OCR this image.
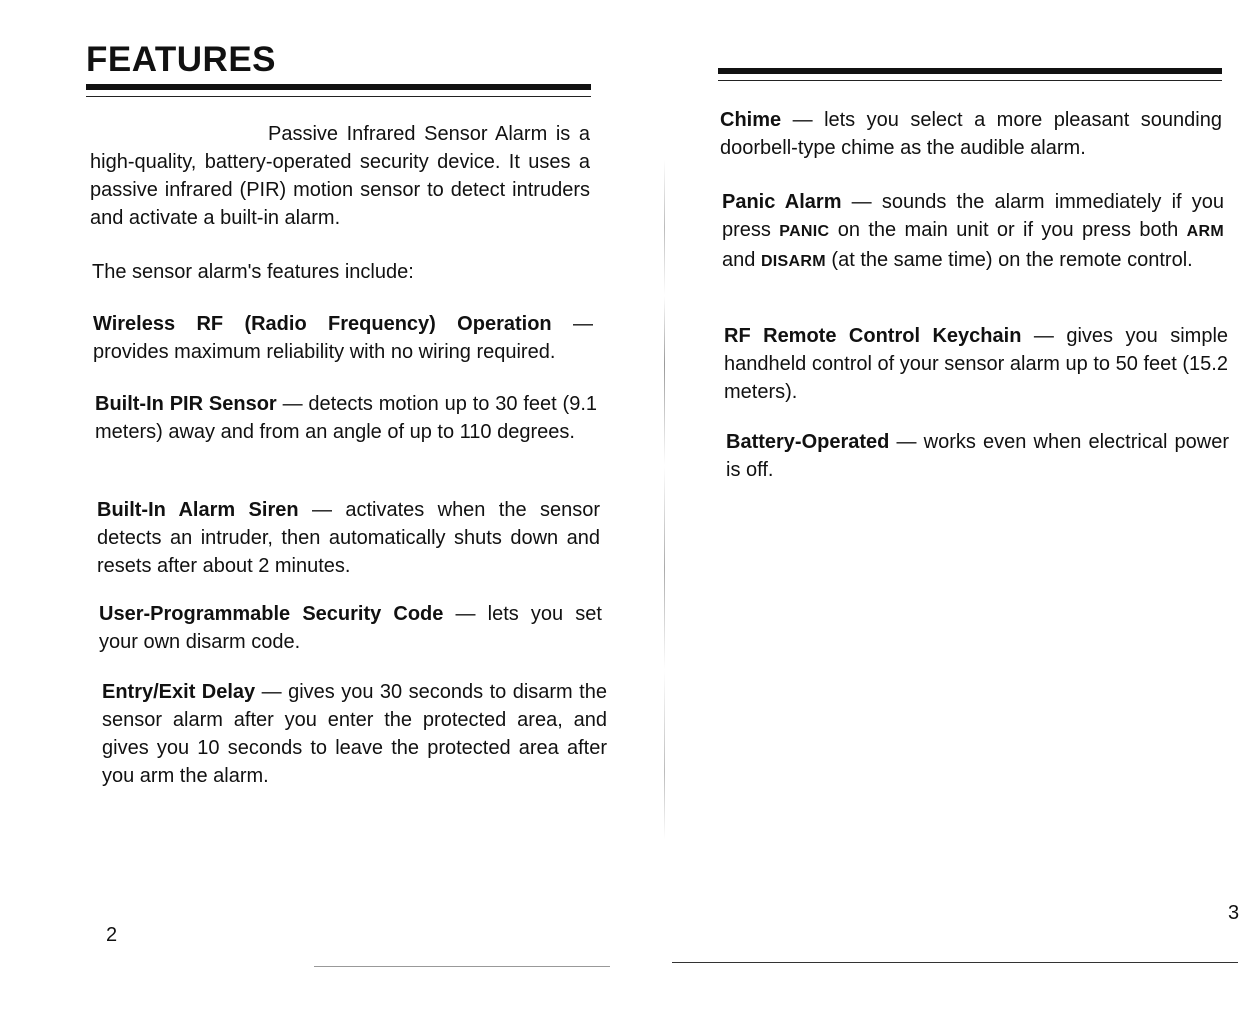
FEATURES

Passive Infrared Sensor Alarm is a high-quality, battery-operated security device. It uses a passive infrared (PIR) motion sensor to detect intruders and activate a built-in alarm.

The sensor alarm's features include:

Wireless RF (Radio Frequency) Operation — provides maximum reliability with no wiring required.

Built-In PIR Sensor — detects motion up to 30 feet (9.1 meters) away and from an angle of up to 110 degrees.

Built-In Alarm Siren — activates when the sensor detects an intruder, then automatically shuts down and resets after about 2 minutes.

User-Programmable Security Code — lets you set your own disarm code.

Entry/Exit Delay — gives you 30 seconds to disarm the sensor alarm after you enter the protected area, and gives you 10 seconds to leave the protected area after you arm the alarm.

2

Chime — lets you select a more pleasant sounding doorbell-type chime as the audible alarm.

Panic Alarm — sounds the alarm immediately if you press PANIC on the main unit or if you press both ARM and DISARM (at the same time) on the remote control.

RF Remote Control Keychain — gives you simple handheld control of your sensor alarm up to 50 feet (15.2 meters).

Battery-Operated — works even when electrical power is off.

3
